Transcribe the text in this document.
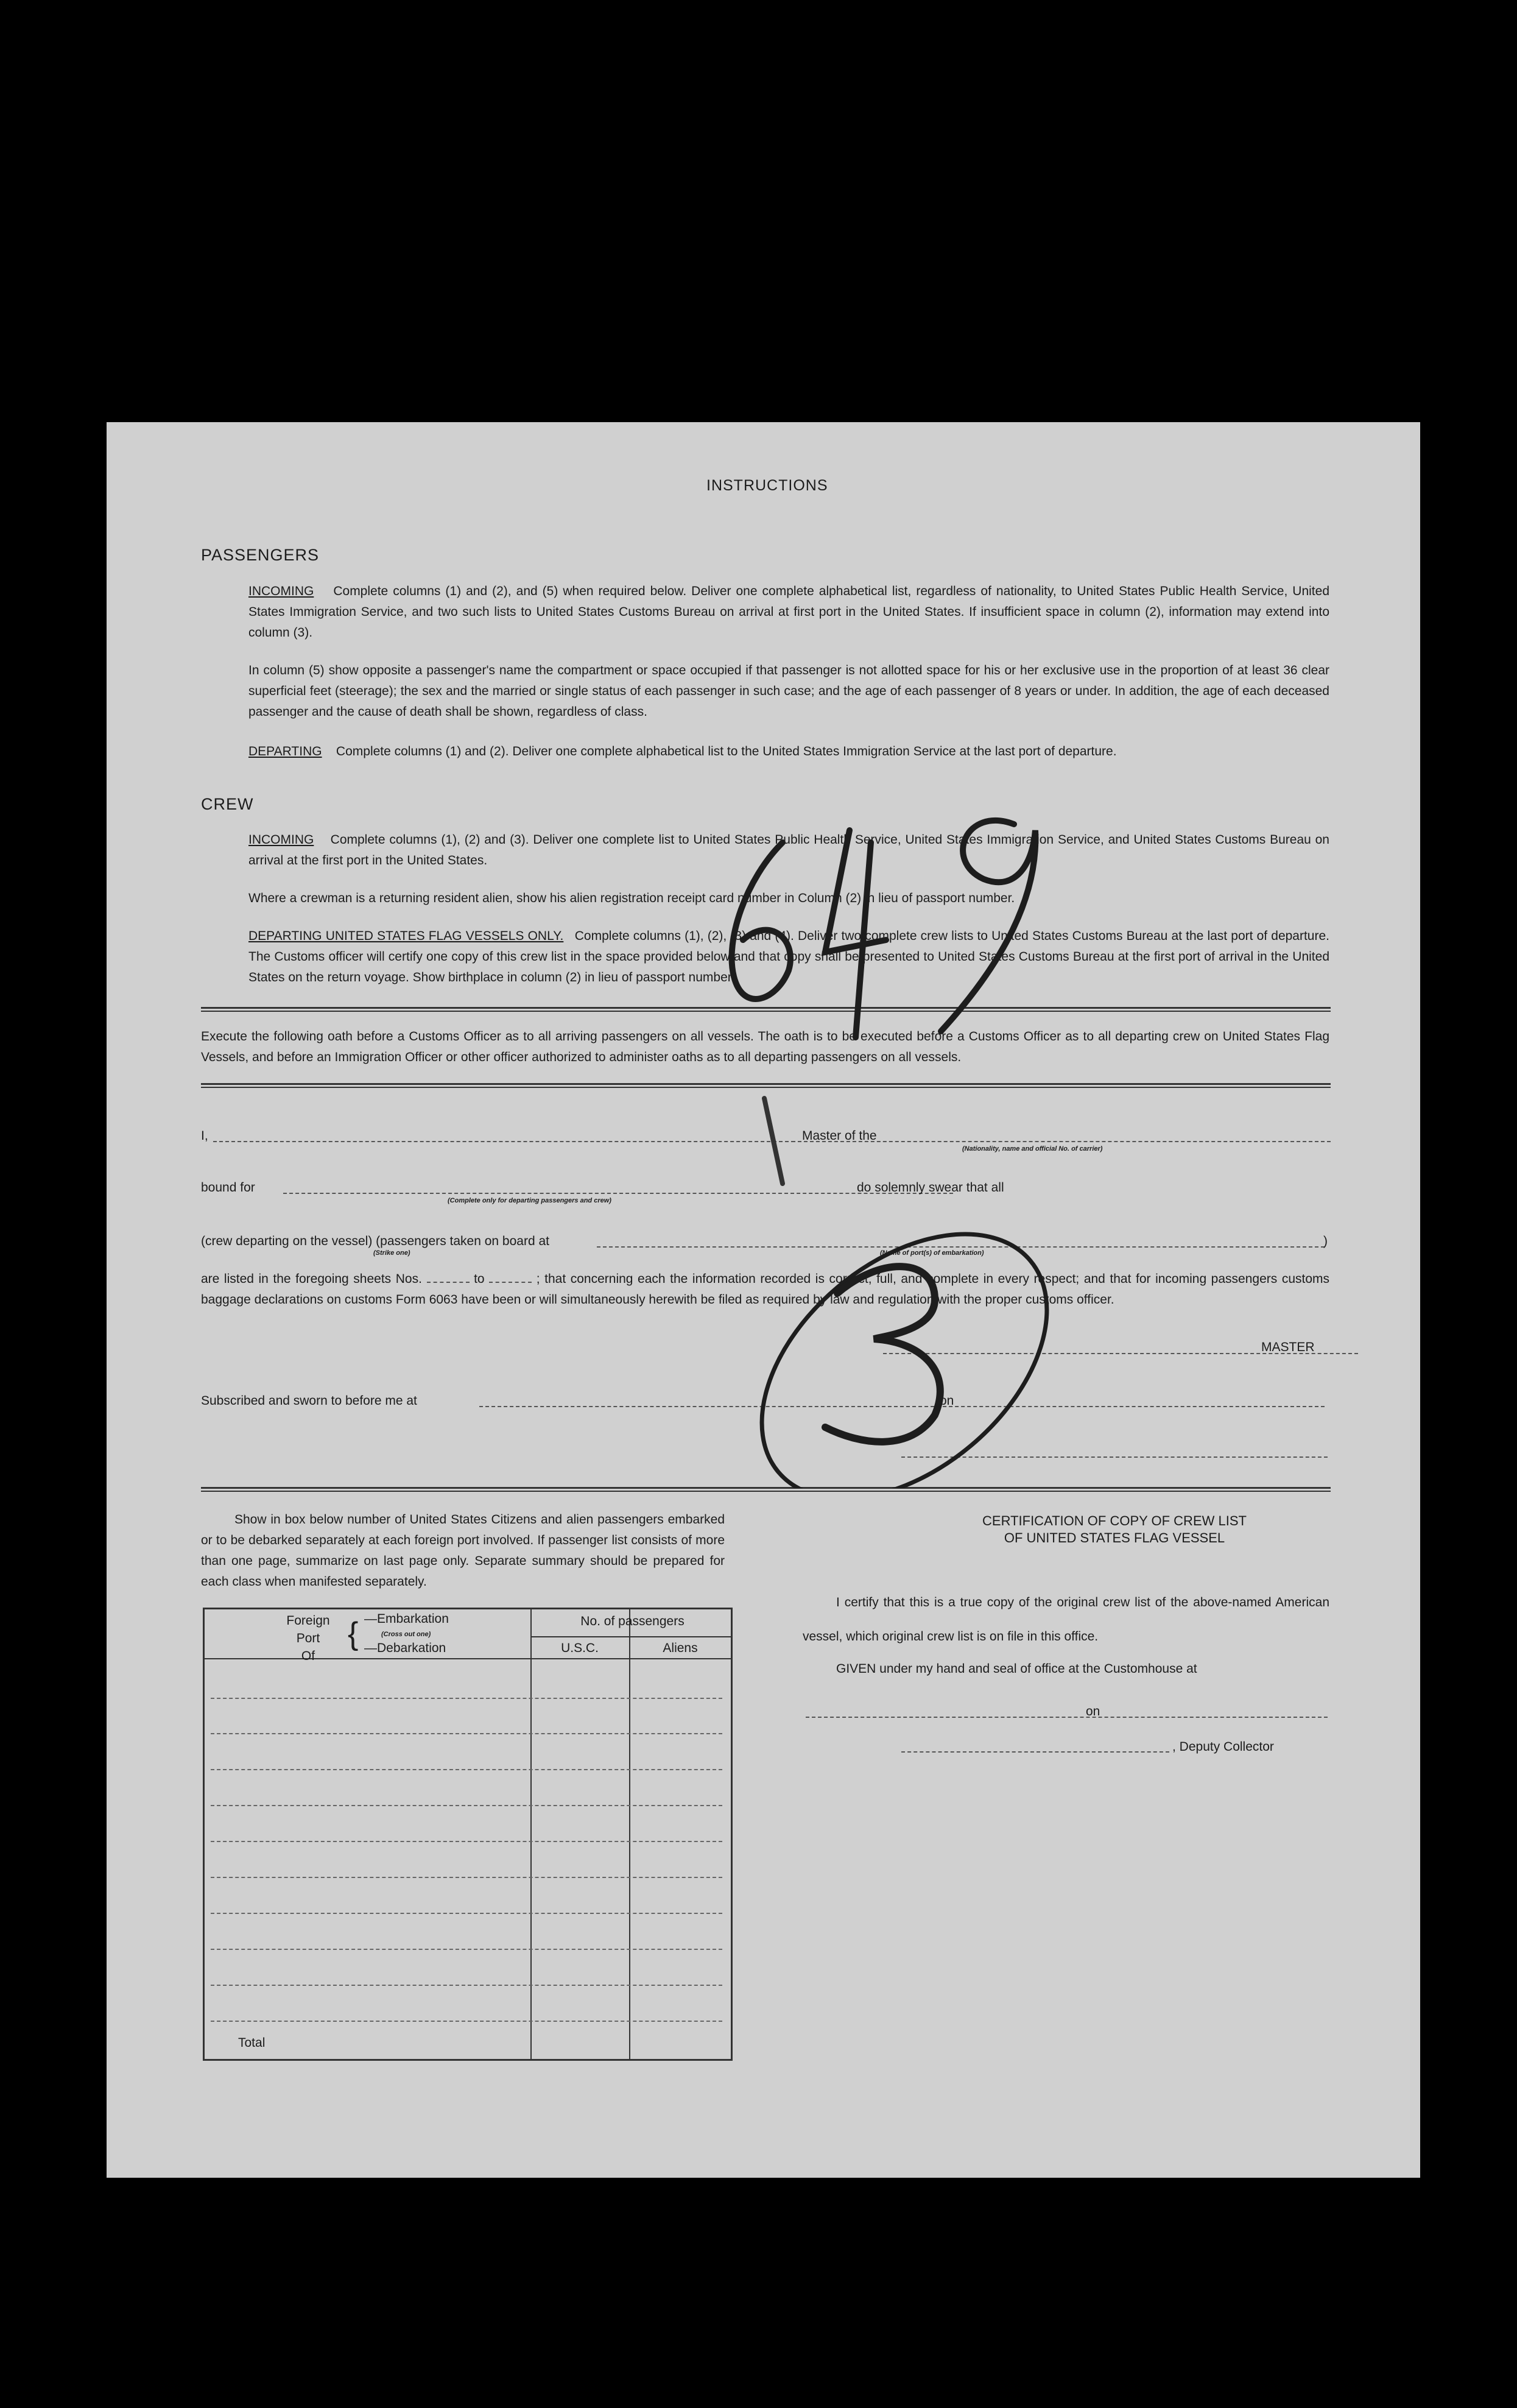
INSTRUCTIONS
PASSENGERS
INCOMING Complete columns (1) and (2), and (5) when required below. Deliver one complete alphabetical list, regardless of nationality, to United States Public Health Service, United States Immigration Service, and two such lists to United States Customs Bureau on arrival at first port in the United States. If insufficient space in column (2), information may extend into column (3).
In column (5) show opposite a passenger's name the compartment or space occupied if that passenger is not allotted space for his or her exclusive use in the proportion of at least 36 clear superficial feet (steerage); the sex and the married or single status of each passenger in such case; and the age of each passenger of 8 years or under. In addition, the age of each deceased passenger and the cause of death shall be shown, regardless of class.
DEPARTING Complete columns (1) and (2). Deliver one complete alphabetical list to the United States Immigration Service at the last port of departure.
CREW
INCOMING Complete columns (1), (2) and (3). Deliver one complete list to United States Public Health Service, United States Immigration Service, and United States Customs Bureau on arrival at the first port in the United States.
Where a crewman is a returning resident alien, show his alien registration receipt card number in Column (2) in lieu of passport number.
DEPARTING UNITED STATES FLAG VESSELS ONLY. Complete columns (1), (2), (3) and (4). Deliver two complete crew lists to United States Customs Bureau at the last port of departure. The Customs officer will certify one copy of this crew list in the space provided below and that copy shall be presented to United States Customs Bureau at the first port of arrival in the United States on the return voyage. Show birthplace in column (2) in lieu of passport number.
Execute the following oath before a Customs Officer as to all arriving passengers on all vessels. The oath is to be executed before a Customs Officer as to all departing crew on United States Flag Vessels, and before an Immigration Officer or other officer authorized to administer oaths as to all departing passengers on all vessels.
I,	Master of the
(Nationality, name and official No. of carrier)
bound for
(Complete only for departing passengers and crew)
do solemnly swear that all
(crew departing on the vessel) (passengers taken on board at
(Strike one)	(Name of port(s) of embarkation)
)
are listed in the foregoing sheets Nos.	to	; that concerning each the information recorded is correct, full, and complete in every respect; and that for incoming passengers customs baggage declarations on customs Form 6063 have been or will simultaneously herewith be filed as required by law and regulation with the proper customs officer.
MASTER
Subscribed and sworn to before me at	on
Show in box below number of United States Citizens and alien passengers embarked or to be debarked separately at each foreign port involved. If passenger list consists of more than one page, summarize on last page only. Separate summary should be prepared for each class when manifested separately.
Foreign
Port
Of
{ —Embarkation
(Cross out one)
—Debarkation
No. of passengers
U.S.C.	Aliens
Total
CERTIFICATION OF COPY OF CREW LIST
OF UNITED STATES FLAG VESSEL
I certify that this is a true copy of the original crew list of the above-named American vessel, which original crew list is on file in this office.
GIVEN under my hand and seal of office at the Customhouse at
on
, Deputy Collector
